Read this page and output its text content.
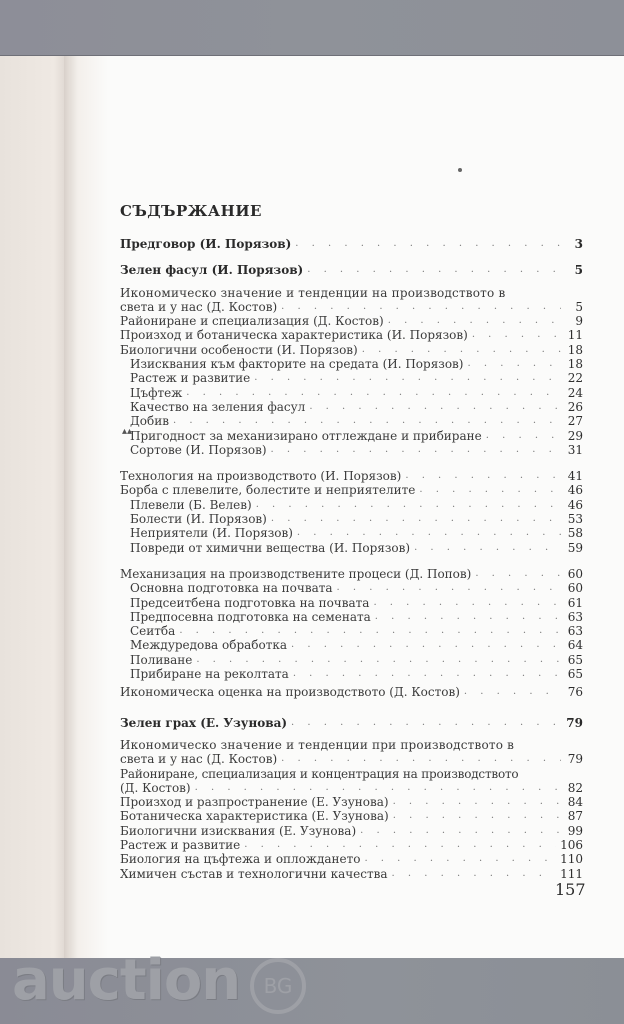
СЪДЪРЖАНИЕ
Предговор (И. Порязов) . . .	3
Зелен фасул (И. Порязов) . . .	5
Икономическо значение и тенденции на производството в
света и у нас (Д. Костов) . . .	5
Райониране и специализация (Д. Костов) . . .	9
Произход и ботаническа характеристика (И. Порязов) . . .	11
Биологични особености (И. Порязов) . . .	18
Изисквания към факторите на средата (И. Порязов) . . .	18
Растеж и развитие . . .	22
Цъфтеж . . .	24
Качество на зеления фасул . . .	26
Добив . . .	27
Пригодност за механизирано отглеждане и прибиране . . .	29
Сортове (И. Порязов) . . .	31
Технология на производството (И. Порязов) . . .	41
Борба с плевелите, болестите и неприятелите . . .	46
Плевели (Б. Велев) . . .	46
Болести (И. Порязов) . . .	53
Неприятели (И. Порязов) . . .	58
Повреди от химични вещества (И. Порязов) . . .	59
Механизация на производствените процеси (Д. Попов) . . .	60
Основна подготовка на почвата . . .	60
Предсеитбена подготовка на почвата . . .	61
Предпосевна подготовка на семената . . .	63
Сеитба . . .	63
Междуредова обработка . . .	64
Поливане . . .	65
Прибиране на реколтата . . .	65
Икономическа оценка на производството (Д. Костов) . . .	76
Зелен грах (Е. Узунова) . . .	79
Икономическо значение и тенденции при производството в
света и у нас (Д. Костов) . . .	79
Райониране, специализация и концентрация на производството
(Д. Костов) . . .	82
Произход и разпространение (Е. Узунова) . . .	84
Ботаническа характеристика (Е. Узунова) . . .	87
Биологични изисквания (Е. Узунова) . . .	99
Растеж и развитие . . .	106
Биология на цъфтежа и оплождането . . .	110
Химичен състав и технологични качества . . .	111
▴▴
157
auction	BG
